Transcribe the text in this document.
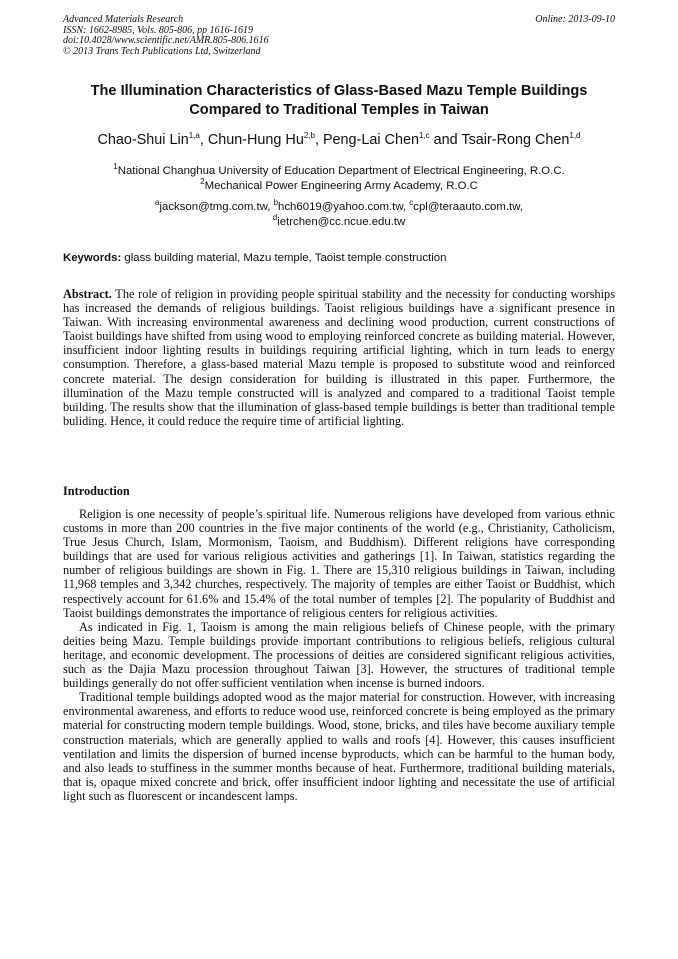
Advanced Materials Research	Online: 2013-09-10
ISSN: 1662-8985, Vols. 805-806, pp 1616-1619
doi:10.4028/www.scientific.net/AMR.805-806.1616
© 2013 Trans Tech Publications Ltd, Switzerland
The Illumination Characteristics of Glass-Based Mazu Temple Buildings
Compared to Traditional Temples in Taiwan
Chao-Shui Lin$^{1,a}$, Chun-Hung Hu$^{2,b}$, Peng-Lai Chen$^{1,c}$ and Tsair-Rong Chen$^{1,d}$
$^1$National Changhua University of Education Department of Electrical Engineering, R.O.C.
$^2$Mechanical Power Engineering Army Academy, R.O.C
$^a$jackson@tmg.com.tw, $^b$hch6019@yahoo.com.tw, $^c$cpl@teraauto.com.tw,
$^d$ietrchen@cc.ncue.edu.tw
Keywords: glass building material, Mazu temple, Taoist temple construction
Abstract. The role of religion in providing people spiritual stability and the necessity for conducting worships has increased the demands of religious buildings. Taoist religious buildings have a significant presence in Taiwan. With increasing environmental awareness and declining wood production, current constructions of Taoist buildings have shifted from using wood to employing reinforced concrete as building material. However, insufficient indoor lighting results in buildings requiring artificial lighting, which in turn leads to energy consumption. Therefore, a glass-based material Mazu temple is proposed to substitute wood and reinforced concrete material. The design consideration for building is illustrated in this paper. Furthermore, the illumination of the Mazu temple constructed will is analyzed and compared to a traditional Taoist temple building. The results show that the illumination of glass-based temple buildings is better than traditional temple buliding. Hence, it could reduce the require time of artificial lighting.
Introduction

Religion is one necessity of people’s spiritual life. Numerous religions have developed from various ethnic customs in more than 200 countries in the five major continents of the world (e.g., Christianity, Catholicism, True Jesus Church, Islam, Mormonism, Taoism, and Buddhism). Different religions have corresponding buildings that are used for various religious activities and gatherings [1]. In Taiwan, statistics regarding the number of religious buildings are shown in Fig. 1. There are 15,310 religious buildings in Taiwan, including 11,968 temples and 3,342 churches, respectively. The majority of temples are either Taoist or Buddhist, which respectively account for 61.6% and 15.4% of the total number of temples [2]. The popularity of Buddhist and Taoist buildings demonstrates the importance of religious centers for religious activities.

As indicated in Fig. 1, Taoism is among the main religious beliefs of Chinese people, with the primary deities being Mazu. Temple buildings provide important contributions to religious beliefs, religious cultural heritage, and economic development. The processions of deities are considered significant religious activities, such as the Dajia Mazu procession throughout Taiwan [3]. However, the structures of traditional temple buildings generally do not offer sufficient ventilation when incense is burned indoors.

Traditional temple buildings adopted wood as the major material for construction. However, with increasing environmental awareness, and efforts to reduce wood use, reinforced concrete is being employed as the primary material for constructing modern temple buildings. Wood, stone, bricks, and tiles have become auxiliary temple construction materials, which are generally applied to walls and roofs [4]. However, this causes insufficient ventilation and limits the dispersion of burned incense byproducts, which can be harmful to the human body, and also leads to stuffiness in the summer months because of heat. Furthermore, traditional building materials, that is, opaque mixed concrete and brick, offer insufficient indoor lighting and necessitate the use of artificial light such as fluorescent or incandescent lamps.
